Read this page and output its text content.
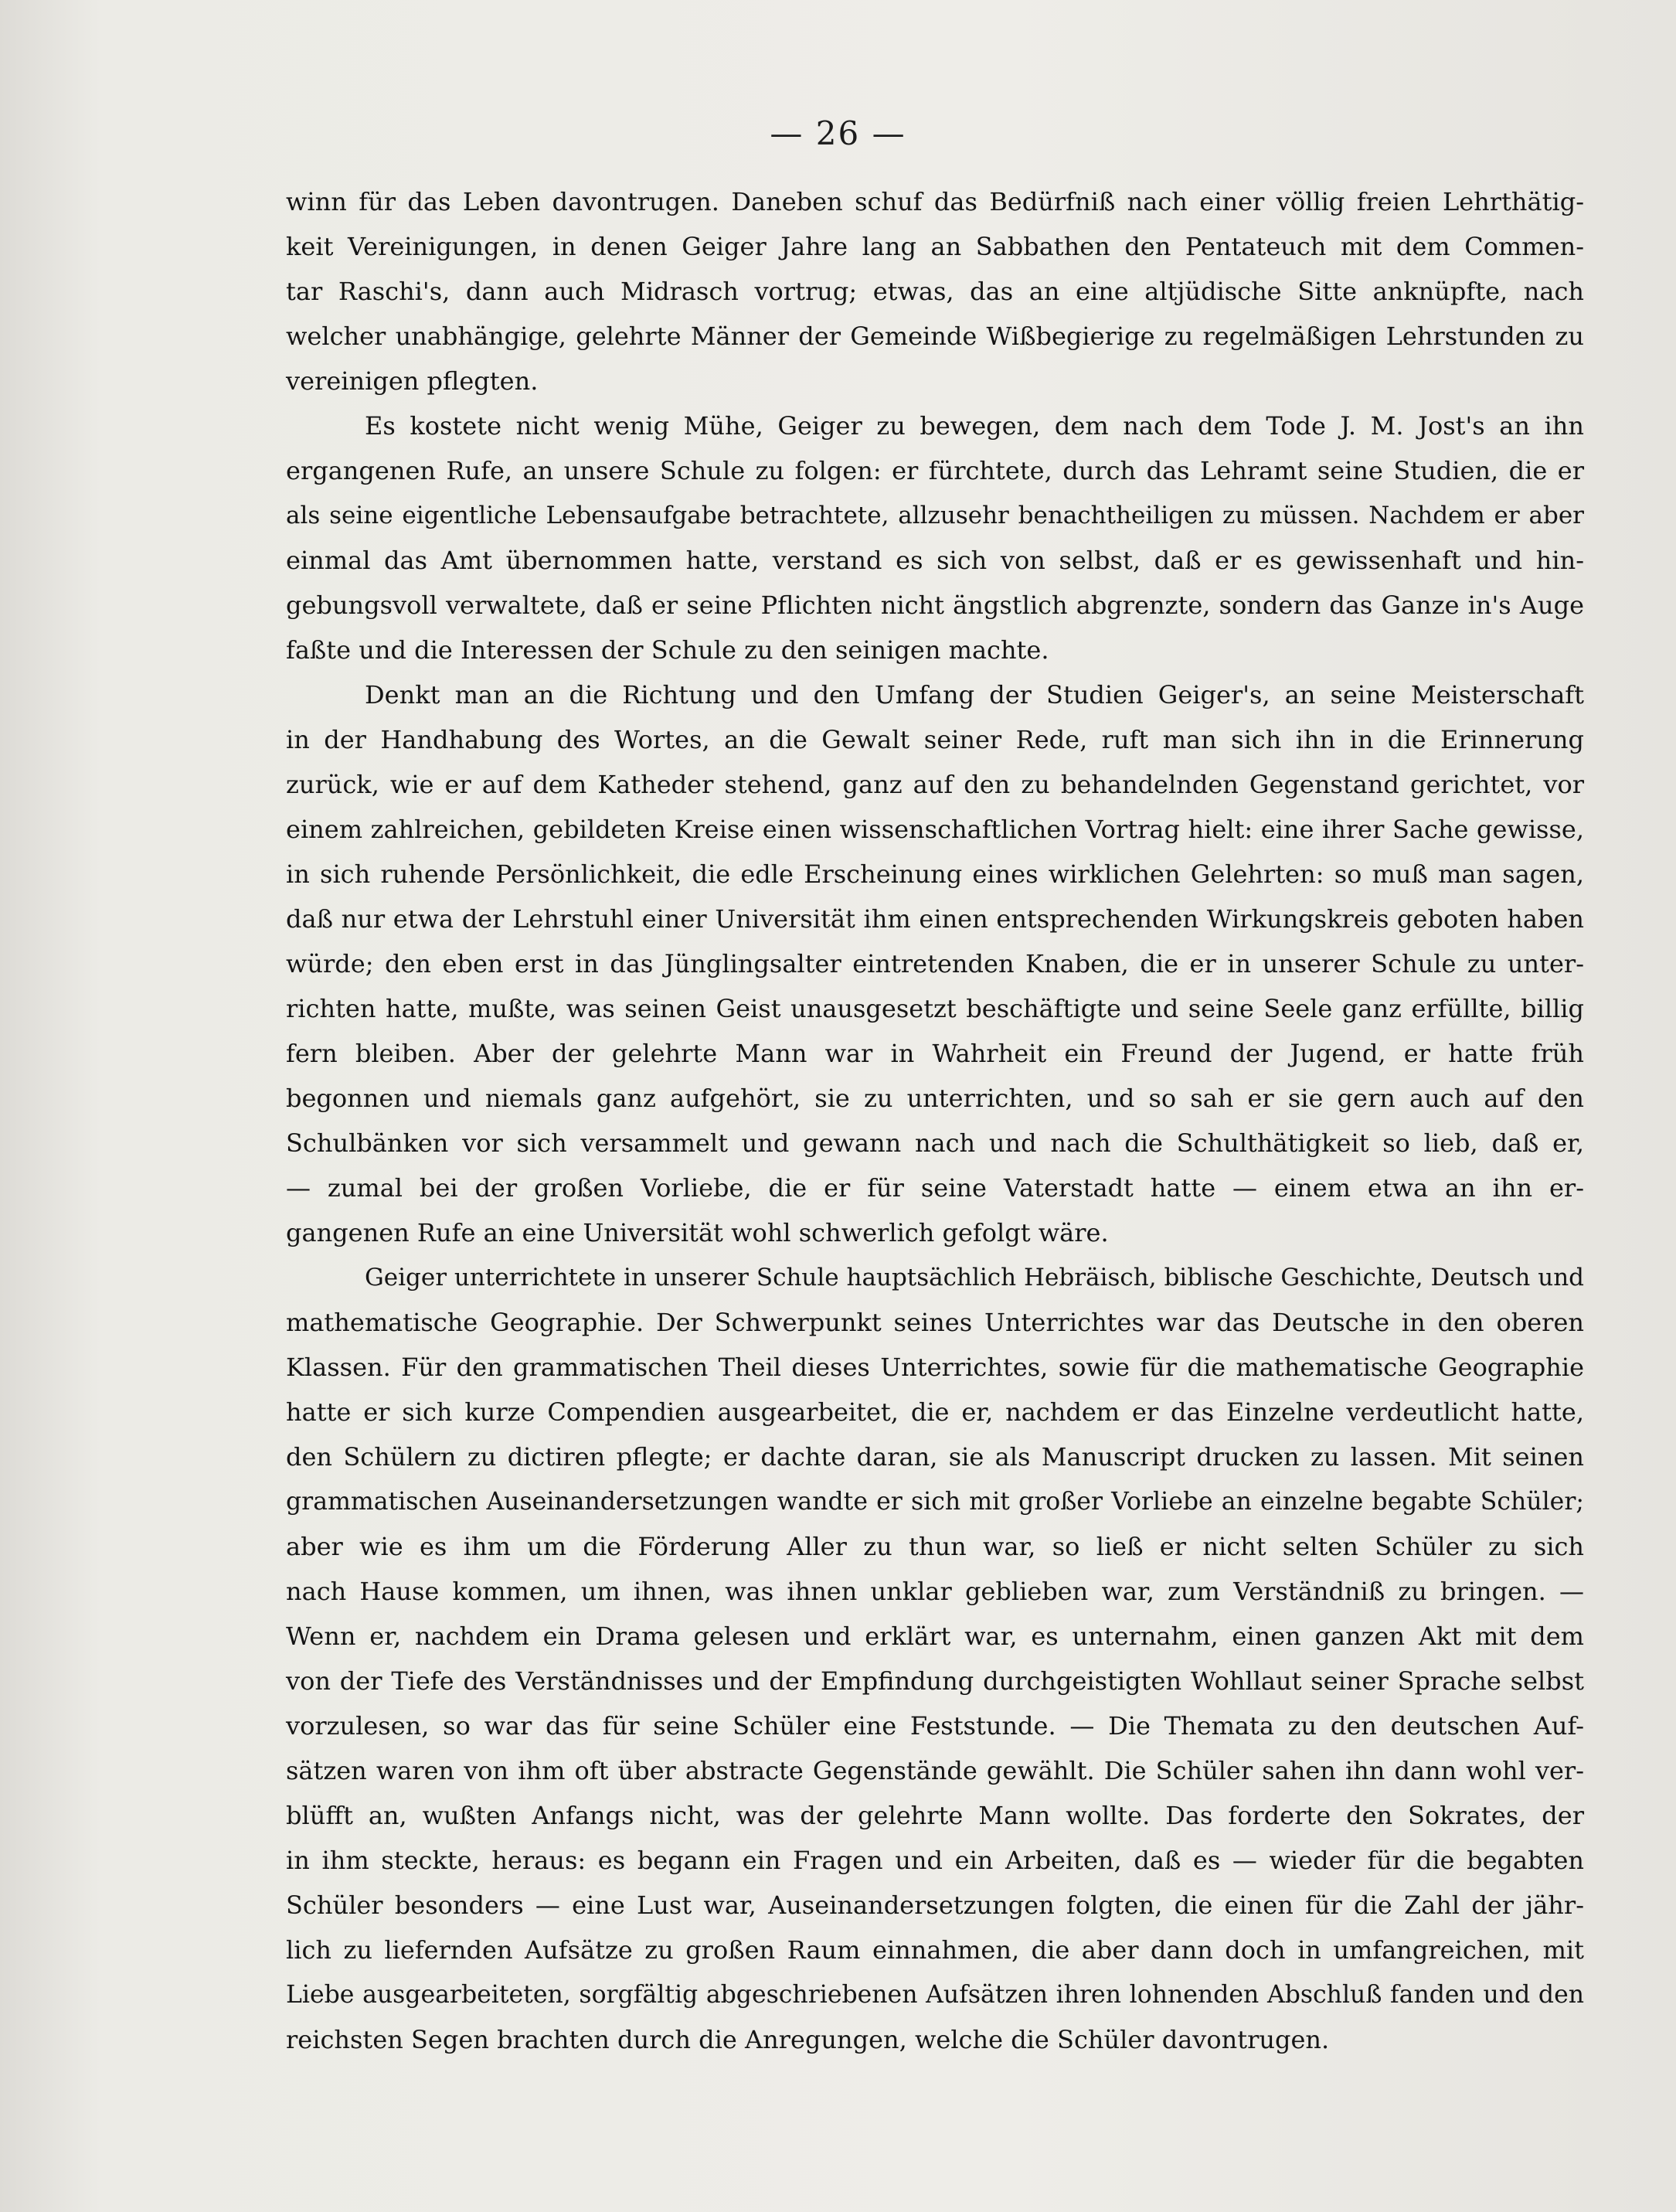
— 26 —
winn für das Leben davontrugen. Daneben schuf das Bedürfniß nach einer völlig freien Lehrthätig-
keit Vereinigungen, in denen Geiger Jahre lang an Sabbathen den Pentateuch mit dem Commen-
tar Raschi's, dann auch Midrasch vortrug; etwas, das an eine altjüdische Sitte anknüpfte, nach
welcher unabhängige, gelehrte Männer der Gemeinde Wißbegierige zu regelmäßigen Lehrstunden zu
vereinigen pflegten.
Es kostete nicht wenig Mühe, Geiger zu bewegen, dem nach dem Tode J. M. Jost's an ihn
ergangenen Rufe, an unsere Schule zu folgen: er fürchtete, durch das Lehramt seine Studien, die er
als seine eigentliche Lebensaufgabe betrachtete, allzusehr benachtheiligen zu müssen. Nachdem er aber
einmal das Amt übernommen hatte, verstand es sich von selbst, daß er es gewissenhaft und hin-
gebungsvoll verwaltete, daß er seine Pflichten nicht ängstlich abgrenzte, sondern das Ganze in's Auge
faßte und die Interessen der Schule zu den seinigen machte.
Denkt man an die Richtung und den Umfang der Studien Geiger's, an seine Meisterschaft
in der Handhabung des Wortes, an die Gewalt seiner Rede, ruft man sich ihn in die Erinnerung
zurück, wie er auf dem Katheder stehend, ganz auf den zu behandelnden Gegenstand gerichtet, vor
einem zahlreichen, gebildeten Kreise einen wissenschaftlichen Vortrag hielt: eine ihrer Sache gewisse,
in sich ruhende Persönlichkeit, die edle Erscheinung eines wirklichen Gelehrten: so muß man sagen,
daß nur etwa der Lehrstuhl einer Universität ihm einen entsprechenden Wirkungskreis geboten haben
würde; den eben erst in das Jünglingsalter eintretenden Knaben, die er in unserer Schule zu unter-
richten hatte, mußte, was seinen Geist unausgesetzt beschäftigte und seine Seele ganz erfüllte, billig
fern bleiben. Aber der gelehrte Mann war in Wahrheit ein Freund der Jugend, er hatte früh
begonnen und niemals ganz aufgehört, sie zu unterrichten, und so sah er sie gern auch auf den
Schulbänken vor sich versammelt und gewann nach und nach die Schulthätigkeit so lieb, daß er,
— zumal bei der großen Vorliebe, die er für seine Vaterstadt hatte — einem etwa an ihn er-
gangenen Rufe an eine Universität wohl schwerlich gefolgt wäre.
Geiger unterrichtete in unserer Schule hauptsächlich Hebräisch, biblische Geschichte, Deutsch und
mathematische Geographie. Der Schwerpunkt seines Unterrichtes war das Deutsche in den oberen
Klassen. Für den grammatischen Theil dieses Unterrichtes, sowie für die mathematische Geographie
hatte er sich kurze Compendien ausgearbeitet, die er, nachdem er das Einzelne verdeutlicht hatte,
den Schülern zu dictiren pflegte; er dachte daran, sie als Manuscript drucken zu lassen. Mit seinen
grammatischen Auseinandersetzungen wandte er sich mit großer Vorliebe an einzelne begabte Schüler;
aber wie es ihm um die Förderung Aller zu thun war, so ließ er nicht selten Schüler zu sich
nach Hause kommen, um ihnen, was ihnen unklar geblieben war, zum Verständniß zu bringen. —
Wenn er, nachdem ein Drama gelesen und erklärt war, es unternahm, einen ganzen Akt mit dem
von der Tiefe des Verständnisses und der Empfindung durchgeistigten Wohllaut seiner Sprache selbst
vorzulesen, so war das für seine Schüler eine Feststunde. — Die Themata zu den deutschen Auf-
sätzen waren von ihm oft über abstracte Gegenstände gewählt. Die Schüler sahen ihn dann wohl ver-
blüfft an, wußten Anfangs nicht, was der gelehrte Mann wollte. Das forderte den Sokrates, der
in ihm steckte, heraus: es begann ein Fragen und ein Arbeiten, daß es — wieder für die begabten
Schüler besonders — eine Lust war, Auseinandersetzungen folgten, die einen für die Zahl der jähr-
lich zu liefernden Aufsätze zu großen Raum einnahmen, die aber dann doch in umfangreichen, mit
Liebe ausgearbeiteten, sorgfältig abgeschriebenen Aufsätzen ihren lohnenden Abschluß fanden und den
reichsten Segen brachten durch die Anregungen, welche die Schüler davontrugen.
